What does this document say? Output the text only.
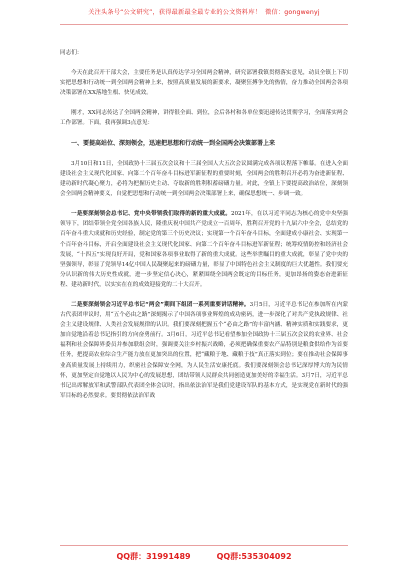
关注头条号“公文研究”，获得最新最全最专业的公文资料库！ 微信：gongwenyj

同志们：

今天在此召开干部大会，主要任务是认真传达学习全国两会精神，研究部署我镇贯彻落实意见，动员全镇上下切实把思想和行动统一到全国两会精神上来，按照高质量发展的新要求，凝聚狂搏争先的热情，奋力推动全国两会各项决策部署在XX落地生根、快见成效。

刚才，XX同志传达了全国两会精神，讲得很全面、到位，会后各村和各单位要迅速传达贯彻学习，全面落实两会工作部署。下面，我再强调3点意见：

一、要提高站位、深刻领会，迅速把思想和行动统一到全国两会决策部署上来

3月10日和11日，全国政协十三届五次会议和十三届全国人大五次会议圆满完成各项议程落下帷幕。在进入全面建设社会主义现代化国家、向第二个百年奋斗目标进军新征程的重要时刻，全国两会的胜利召开必将为奋进新征程、建功新时代凝心聚力，必将为把握历史主动、夺取新的胜利积蓄磅礴力量。对此，全镇上下要提高政治站位，深刻领会全国两会精神要义，自觉把思想和行动统一到全国两会决策部署上来，确保思想统一、步调一致。

一是要深刻领会总书记、党中央带领我们取得的新的重大成就。2021年，在以习近平同志为核心的党中央坚强领导下，团结带领全党全国各族人民，隆重庆祝中国共产党成立一百周年，胜利召开党的十九届六中全会，总结党的百年奋斗重大成就和历史经验，制定党的第三个历史决议；实现第一个百年奋斗目标，全面建成小康社会、实现第一个百年奋斗目标，开启全面建设社会主义现代化国家、向第二个百年奋斗目标进军新征程；统筹疫情防控和经济社会发展，“十四五”实现良好开局，党和国家各项事业取得了新的重大成就。这些举世瞩目的重大成就，彰显了党中央的坚强领导，彰显了党领导14亿中国人民凝聚起来的磅礴力量，彰显了中国特色社会主义制度的巨大优越性。我们要充分认识新的伟大历史性成就，进一步坚定信心决心，紧紧围绕全国两会既定的目标任务，更加昂扬的姿态奋进新征程、建功新时代，以实实在在的成效迎接党的二十大召开。

二是要深刻领会习近平总书记“两会”期间下组团一系列重要讲话精神。3月5日，习近平总书记在参加所在内蒙古代表团审议时，用“五个必由之路”深刻揭示了中国各项事业辉煌的成功密码，进一步深化了对共产党执政规律、社会主义建设规律、人类社会发展规律的认识。我们要深刻把握五个“必由之路”的丰富内涵、精神实质和实践要求，更加自觉地沿着总书记指引的方向奋勇前行。3月6日，习近平总书记看望参加全国政协十三届五次会议的农业界、社会福利和社会保障界委员并参加联组会时，强调要关注乡村振兴战略，必须把确保重要农产品特别是粮食供给作为首要任务，把提高农业综合生产能力放在更加突出的位置，把“藏粮于地、藏粮于技”真正落实到位；要在推动社会保障事业高质量发展上持续用力，织密社会保障安全网，为人民生活安康托底。我们要深刻领会总书记深厚博大的为民情怀，更加坚定自觉地以人民为中心的发展思想，团结带领人民群众共同创造更加美好的幸福生活。3月7日，习近平总书记出席解放军和武警部队代表团全体会议时，指出依法治军是我们党建设军队的基本方式，是实现党在新时代的强军目标的必然要求。要贯彻依法治军战

QQ群：31991489	QQ群:535304092
